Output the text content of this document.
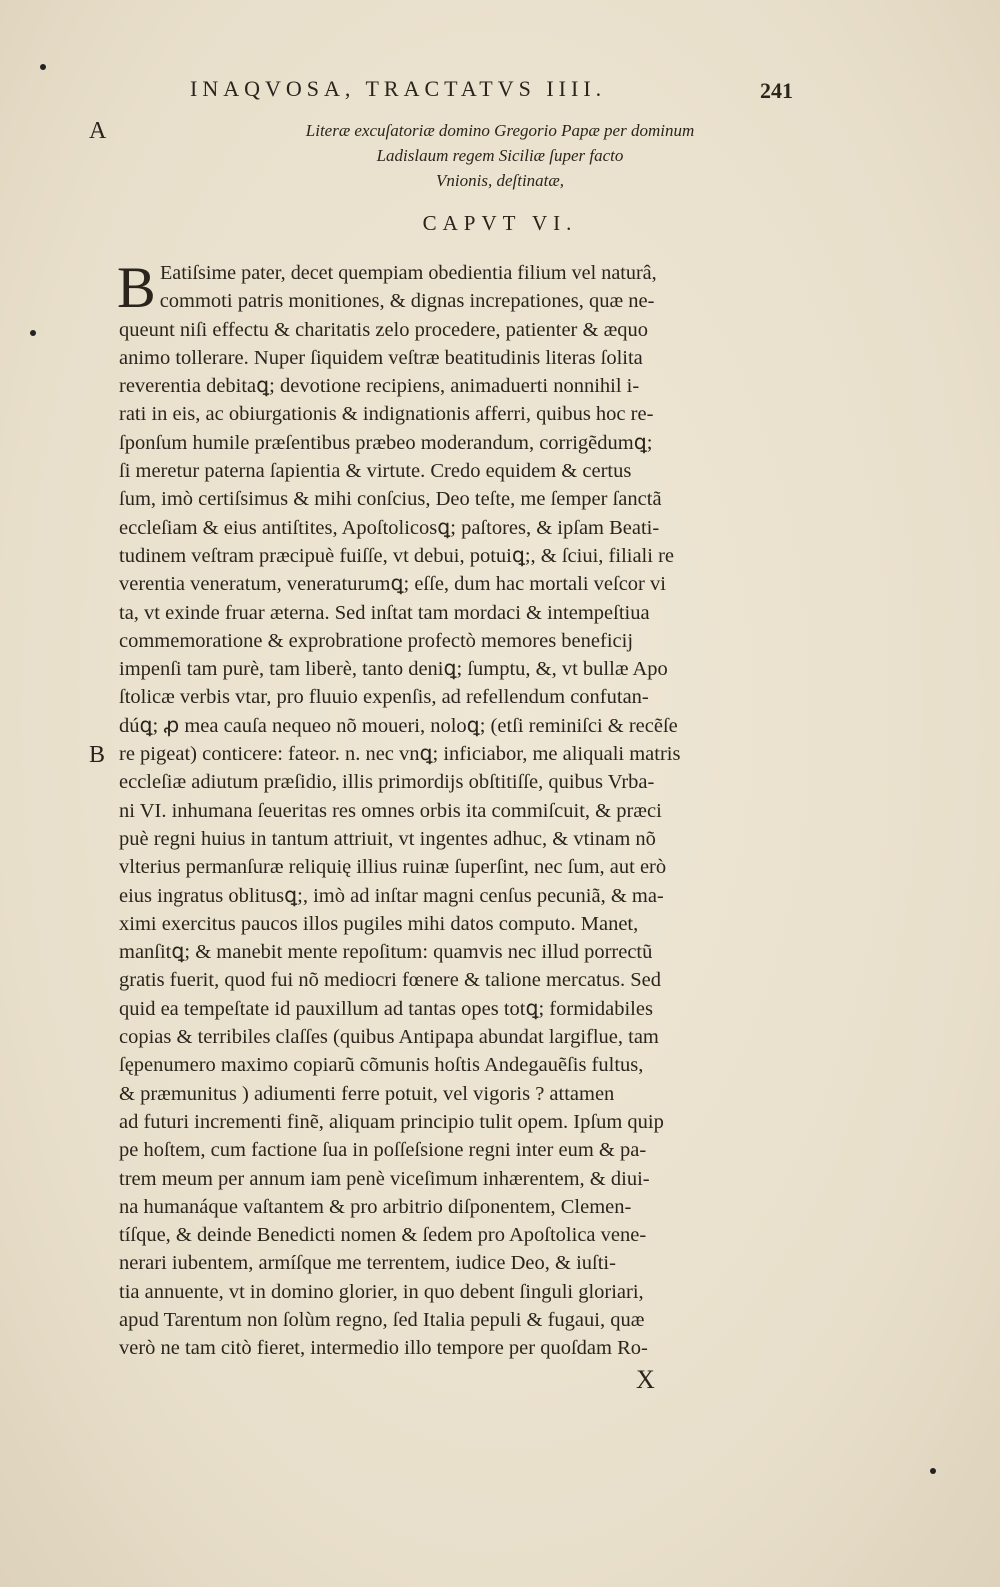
INAQVOSA, TRACTATVS IIII.	241
A
B
Literæ excuſatoriæ domino Gregorio Papæ per dominum
Ladislaum regem Siciliæ ſuper facto
Vnionis, deſtinatæ,
CAPVT VI.
B Eatiſsime pater, decet quempiam obedientia filium vel naturâ,
commoti patris monitiones, & dignas increpationes, quæ ne-
queunt niſi effectu & charitatis zelo procedere, patienter & æquo
animo tollerare. Nuper ſiquidem veſtræ beatitudinis literas ſolita
reverentia debitaꝗ; devotione recipiens, animaduerti nonnihil i-
rati in eis, ac obiurgationis & indignationis afferri, quibus hoc re-
ſponſum humile præſentibus præbeo moderandum, corrigẽdumꝗ;
ſi meretur paterna ſapientia & virtute. Credo equidem & certus
ſum, imò certiſsimus & mihi conſcius, Deo teſte, me ſemper ſanctã
eccleſiam & eius antiſtites, Apoſtolicosꝗ; paſtores, & ipſam Beati-
tudinem veſtram præcipuè fuiſſe, vt debui, potuiꝗ;, & ſciui, filiali re
verentia veneratum, veneraturumꝗ; eſſe, dum hac mortali veſcor vi
ta, vt exinde fruar æterna. Sed inſtat tam mordaci & intempeſtiua
commemoratione & exprobratione profectò memores beneficij
impenſi tam purè, tam liberè, tanto deniꝗ; ſumptu, &, vt bullæ Apo
ſtolicæ verbis vtar, pro fluuio expenſis, ad refellendum confutan-
dúꝗ; ꝓ mea cauſa nequeo nõ moueri, noloꝗ; (etſi reminiſci & recẽſe
re pigeat) conticere: fateor. n. nec vnꝗ; inficiabor, me aliquali matris
eccleſiæ adiutum præſidio, illis primordijs obſtitiſſe, quibus Vrba-
ni VI. inhumana ſeueritas res omnes orbis ita commiſcuit, & præci
puè regni huius in tantum attriuit, vt ingentes adhuc, & vtinam nõ
vlterius permanſuræ reliquię illius ruinæ ſuperſint, nec ſum, aut erò
eius ingratus oblitusꝗ;, imò ad inſtar magni cenſus pecuniã, & ma-
ximi exercitus paucos illos pugiles mihi datos computo. Manet,
manſitꝗ; & manebit mente repoſitum: quamvis nec illud porrectũ
gratis fuerit, quod fui nõ mediocri fœnere & talione mercatus. Sed
quid ea tempeſtate id pauxillum ad tantas opes totꝗ; formidabiles
copias & terribiles claſſes (quibus Antipapa abundat largiflue, tam
ſępenumero maximo copiarũ cõmunis hoſtis Andegauẽſis fultus,
& præmunitus ) adiumenti ferre potuit, vel vigoris ? attamen
ad futuri incrementi finẽ, aliquam principio tulit opem. Ipſum quip
pe hoſtem, cum factione ſua in poſſeſsione regni inter eum & pa-
trem meum per annum iam penè viceſimum inhærentem, & diui-
na humanáque vaſtantem & pro arbitrio diſponentem, Clemen-
tíſque, & deinde Benedicti nomen & ſedem pro Apoſtolica vene-
nerari iubentem, armíſque me terrentem, iudice Deo, & iuſti-
tia annuente, vt in domino glorier, in quo debent ſinguli gloriari,
apud Tarentum non ſolùm regno, ſed Italia pepuli & fugaui, quæ
verò ne tam citò fieret, intermedio illo tempore per quoſdam Ro-
X
